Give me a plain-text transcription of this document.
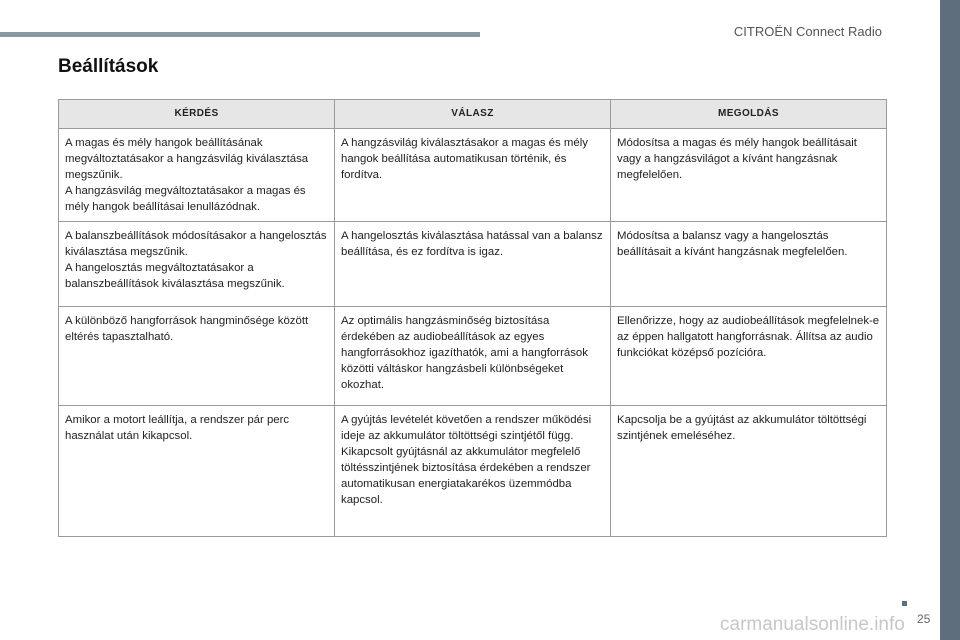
CITROËN Connect Radio
Beállítások
KÉRDÉS	VÁLASZ	MEGOLDÁS

A magas és mély hangok beállításának megváltoztatásakor a hangzásvilág kiválasztása megszűnik.
A hangzásvilág megváltoztatásakor a magas és mély hangok beállításai lenullázódnak.	A hangzásvilág kiválasztásakor a magas és mély hangok beállítása automatikusan történik, és fordítva.	Módosítsa a magas és mély hangok beállításait vagy a hangzásvilágot a kívánt hangzásnak megfelelően.

A balanszbeállítások módosításakor a hangelosztás kiválasztása megszűnik.
A hangelosztás megváltoztatásakor a balanszbeállítások kiválasztása megszűnik.	A hangelosztás kiválasztása hatással van a balansz beállítása, és ez fordítva is igaz.	Módosítsa a balansz vagy a hangelosztás beállításait a kívánt hangzásnak megfelelően.

A különböző hangforrások hangminősége között eltérés tapasztalható.	Az optimális hangzásminőség biztosítása érdekében az audiobeállítások az egyes hangforrásokhoz igazíthatók, ami a hangforrások közötti váltáskor hangzásbeli különbségeket okozhat.	Ellenőrizze, hogy az audiobeállítások megfelelnek-e az éppen hallgatott hangforrásnak. Állítsa az audio funkciókat középső pozícióra.

Amikor a motort leállítja, a rendszer pár perc használat után kikapcsol.	A gyújtás levételét követően a rendszer működési ideje az akkumulátor töltöttségi szintjétől függ.
Kikapcsolt gyújtásnál az akkumulátor megfelelő töltésszintjének biztosítása érdekében a rendszer automatikusan energiatakarékos üzemmódba kapcsol.	Kapcsolja be a gyújtást az akkumulátor töltöttségi szintjének emeléséhez.
25
carmanualsonline.info
